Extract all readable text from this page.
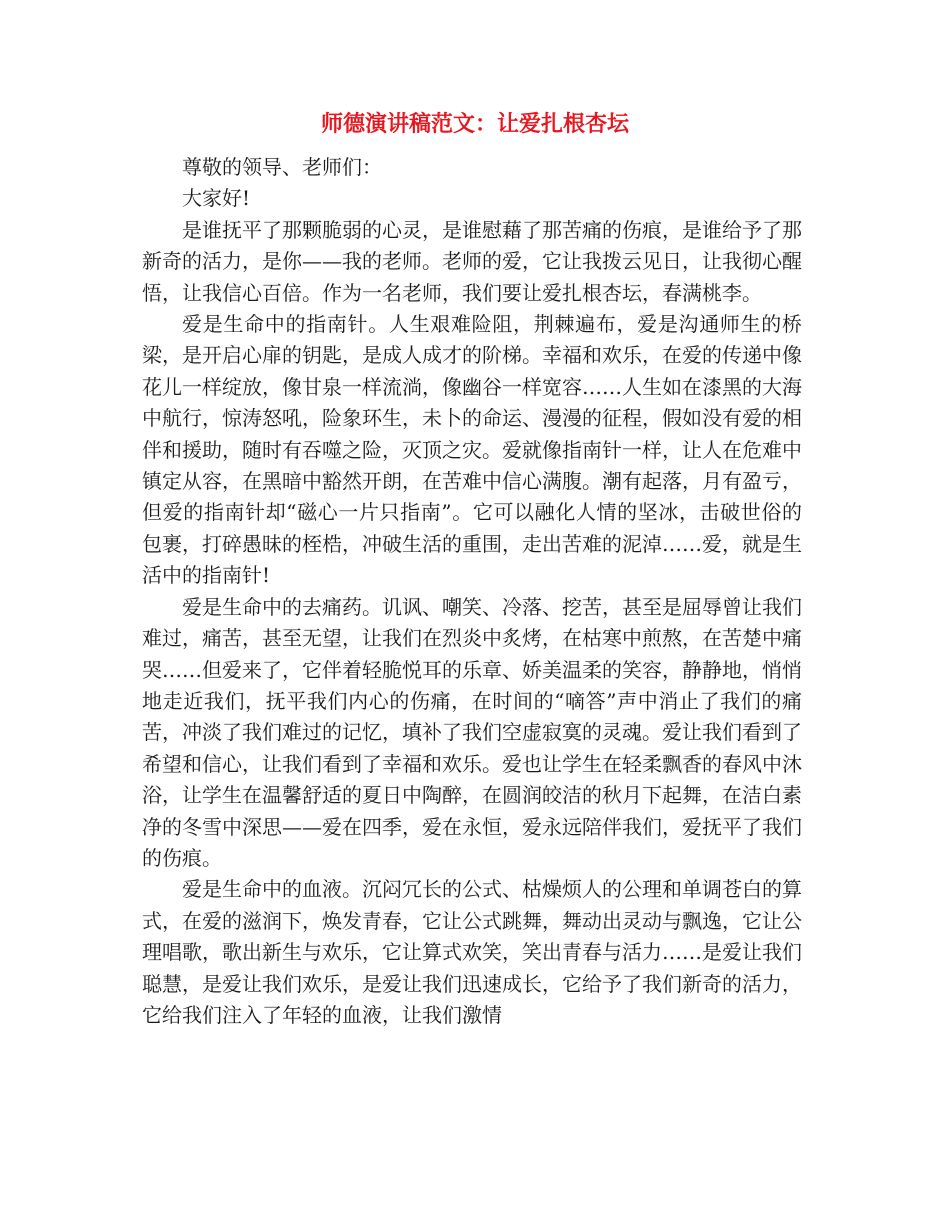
师德演讲稿范文：让爱扎根杏坛

尊敬的领导、老师们：

大家好!

是谁抚平了那颗脆弱的心灵，是谁慰藉了那苦痛的伤痕，是谁给予了那新奇的活力，是你——我的老师。老师的爱，它让我拨云见日，让我彻心醒悟，让我信心百倍。作为一名老师，我们要让爱扎根杏坛，春满桃李。

爱是生命中的指南针。人生艰难险阻，荆棘遍布，爱是沟通师生的桥梁，是开启心扉的钥匙，是成人成才的阶梯。幸福和欢乐，在爱的传递中像花儿一样绽放，像甘泉一样流淌，像幽谷一样宽容……人生如在漆黑的大海中航行，惊涛怒吼，险象环生，未卜的命运、漫漫的征程，假如没有爱的相伴和援助，随时有吞噬之险，灭顶之灾。爱就像指南针一样，让人在危难中镇定从容，在黑暗中豁然开朗，在苦难中信心满腹。潮有起落，月有盈亏，但爱的指南针却“磁心一片只指南”。它可以融化人情的坚冰，击破世俗的包裹，打碎愚昧的桎梏，冲破生活的重围，走出苦难的泥淖……爱，就是生活中的指南针!

爱是生命中的去痛药。讥讽、嘲笑、冷落、挖苦，甚至是屈辱曾让我们难过，痛苦，甚至无望，让我们在烈炎中炙烤，在枯寒中煎熬，在苦楚中痛哭……但爱来了，它伴着轻脆悦耳的乐章、娇美温柔的笑容，静静地，悄悄地走近我们，抚平我们内心的伤痛，在时间的“嘀答”声中消止了我们的痛苦，冲淡了我们难过的记忆，填补了我们空虚寂寞的灵魂。爱让我们看到了希望和信心，让我们看到了幸福和欢乐。爱也让学生在轻柔飘香的春风中沐浴，让学生在温馨舒适的夏日中陶醉，在圆润皎洁的秋月下起舞，在洁白素净的冬雪中深思——爱在四季，爱在永恒，爱永远陪伴我们，爱抚平了我们的伤痕。

爱是生命中的血液。沉闷冗长的公式、枯燥烦人的公理和单调苍白的算式，在爱的滋润下，焕发青春，它让公式跳舞，舞动出灵动与飘逸，它让公理唱歌，歌出新生与欢乐，它让算式欢笑，笑出青春与活力……是爱让我们聪慧，是爱让我们欢乐，是爱让我们迅速成长，它给予了我们新奇的活力，它给我们注入了年轻的血液，让我们激情
